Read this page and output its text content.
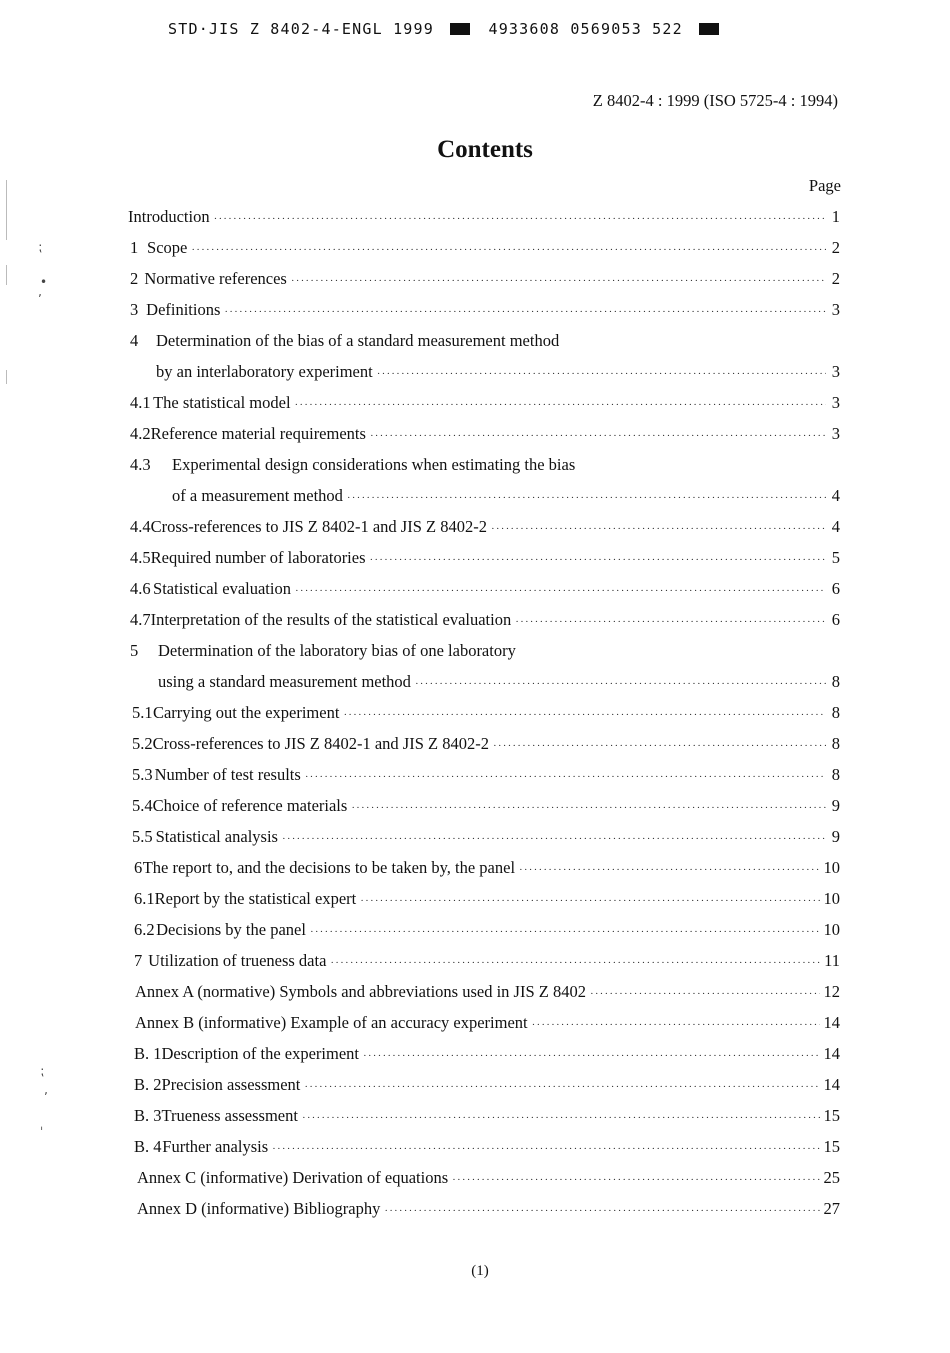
STD·JIS Z 8402-4-ENGL 1999	4933608 0569053 522
Z 8402-4 : 1999 (ISO 5725-4 : 1994)
Contents
Page
Introduction ·····	1
1 Scope ·····	2
2 Normative references ·····	2
3 Definitions ·····	3
4	Determination of the bias of a standard measurement method
by an interlaboratory experiment ·····	3
4.1 The statistical model ·····	3
4.2 Reference material requirements ·····	3
4.3	Experimental design considerations when estimating the bias
of a measurement method ·····	4
4.4 Cross-references to JIS Z 8402-1 and JIS Z 8402-2 ·····	4
4.5 Required number of laboratories ·····	5
4.6 Statistical evaluation ·····	6
4.7 Interpretation of the results of the statistical evaluation ·····	6
5	Determination of the laboratory bias of one laboratory
using a standard measurement method ·····	8
5.1 Carrying out the experiment ·····	8
5.2 Cross-references to JIS Z 8402-1 and JIS Z 8402-2 ·····	8
5.3 Number of test results ·····	8
5.4 Choice of reference materials ·····	9
5.5 Statistical analysis ·····	9
6 The report to, and the decisions to be taken by, the panel ·····	10
6.1 Report by the statistical expert ·····	10
6.2 Decisions by the panel ·····	10
7 Utilization of trueness data ·····	11
Annex A (normative) Symbols and abbreviations used in JIS Z 8402 ·····	12
Annex B (informative) Example of an accuracy experiment ·····	14
B. 1 Description of the experiment ·····	14
B. 2 Precision assessment ·····	14
B. 3 Trueness assessment ·····	15
B. 4 Further analysis ·····	15
Annex C (informative) Derivation of equations ·····	25
Annex D (informative) Bibliography ·····	27
(1)
⁏
•
ʼ
⁏
ʼ
ˌ
